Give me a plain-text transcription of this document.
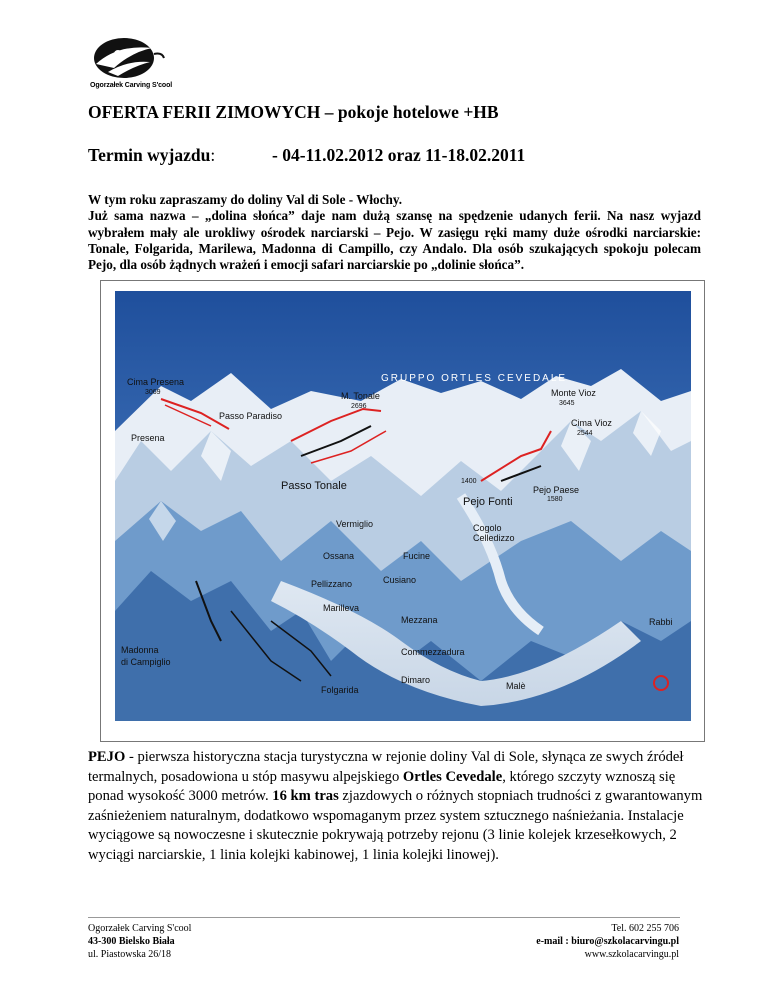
Ogorzałek Carving S'cool
OFERTA FERII ZIMOWYCH – pokoje hotelowe +HB
Termin wyjazdu:	- 04-11.02.2012 oraz 11-18.02.2011

W tym roku zapraszamy do doliny Val di Sole - Włochy.

Już sama nazwa – „dolina słońca” daje nam dużą szansę na spędzenie udanych ferii. Na nasz wyjazd wybrałem mały ale urokliwy ośrodek narciarski – Pejo. W zasięgu ręki mamy duże ośrodki narciarskie: Tonale, Folgarida, Marilewa, Madonna di Campillo, czy Andalo. Dla osób szukających spokoju polecam Pejo, dla osób żądnych wrażeń i emocji safari narciarskie po „dolinie słońca”.

GRUPPO ORTLES CEVEDALE
Cima Presena
3069	M. Tonale
2696
Monte Vioz
3645
Cima Vioz
2544
Passo Paradiso
Presena
Passo Tonale
Vermiglio
1400
Pejo Fonti
Pejo Paese
1580
Cogolo
Celledizzo
Ossana	Fucine
Pellizzano	Cusiano
Marilleva
Mezzana
Commezzadura
Rabbi
Madonna
di Campiglio
Dimaro
Malè
Folgarida
PEJO - pierwsza historyczna stacja turystyczna w rejonie doliny Val di Sole, słynąca ze swych źródeł termalnych, posadowiona u stóp masywu alpejskiego Ortles Cevedale, którego szczyty wznoszą się ponad wysokość 3000 metrów. 16 km tras zjazdowych o różnych stopniach trudności z gwarantowanym zaśnieżeniem naturalnym, dodatkowo wspomaganym przez system sztucznego naśnieżania. Instalacje wyciągowe są nowoczesne i skutecznie pokrywają potrzeby rejonu (3 linie kolejek krzesełkowych, 2 wyciągi narciarskie, 1 linia kolejki kabinowej, 1 linia kolejki linowej).
Ogorzałek Carving S'cool
43-300 Bielsko Biała
ul. Piastowska 26/18
Tel. 602 255 706
e-mail : biuro@szkolacarvingu.pl
www.szkolacarvingu.pl
